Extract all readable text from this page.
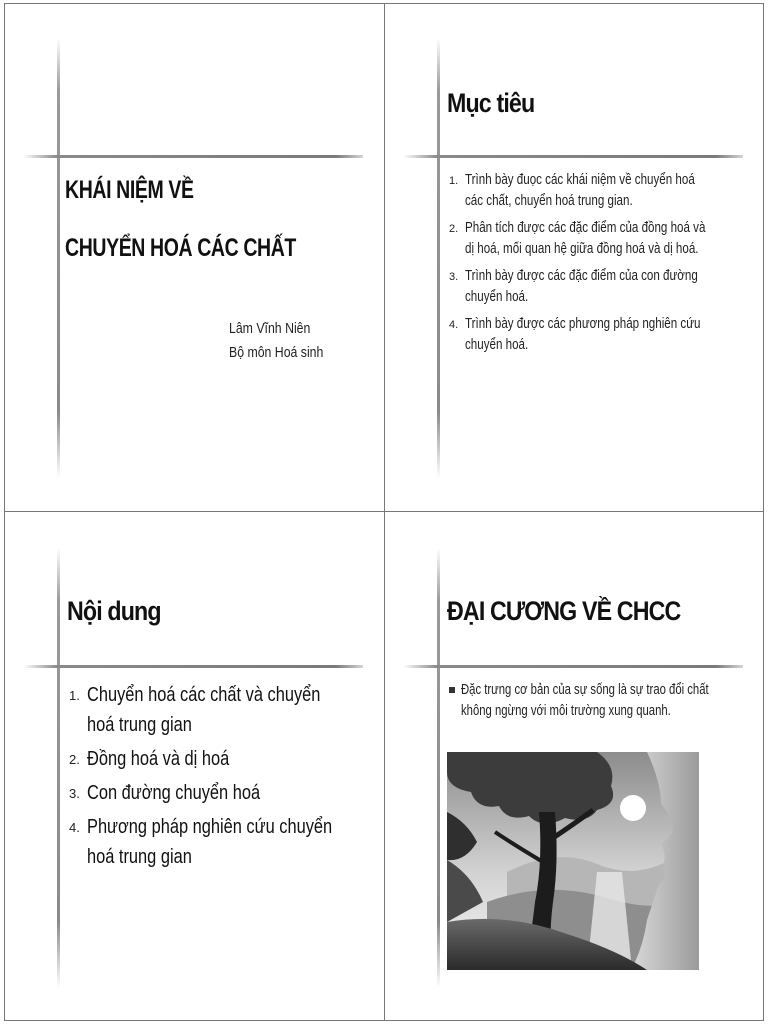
KHÁI NIỆM VỀ
CHUYỂN HOÁ CÁC CHẤT
Lâm Vĩnh Niên
Bộ môn Hoá sinh
Mục tiêu
1. Trình bày đuọc các khái niệm về chuyển hoá các chất, chuyển hoá trung gian.
2. Phân tích được các đặc điểm của đồng hoá và dị hoá, mối quan hệ giữa đồng hoá và dị hoá.
3. Trình bày được các đặc điểm của con đường chuyển hoá.
4. Trình bày được các phương pháp nghiên cứu chuyển hoá.
Nội dung
1. Chuyển hoá các chất và chuyển hoá trung gian
2. Đồng hoá và dị hoá
3. Con đường chuyển hoá
4. Phương pháp nghiên cứu chuyển hoá trung gian
ĐẠI CƯƠNG VỀ CHCC
Đặc trưng cơ bản của sự sống là sự trao đổi chất không ngừng với môi trường xung quanh.
